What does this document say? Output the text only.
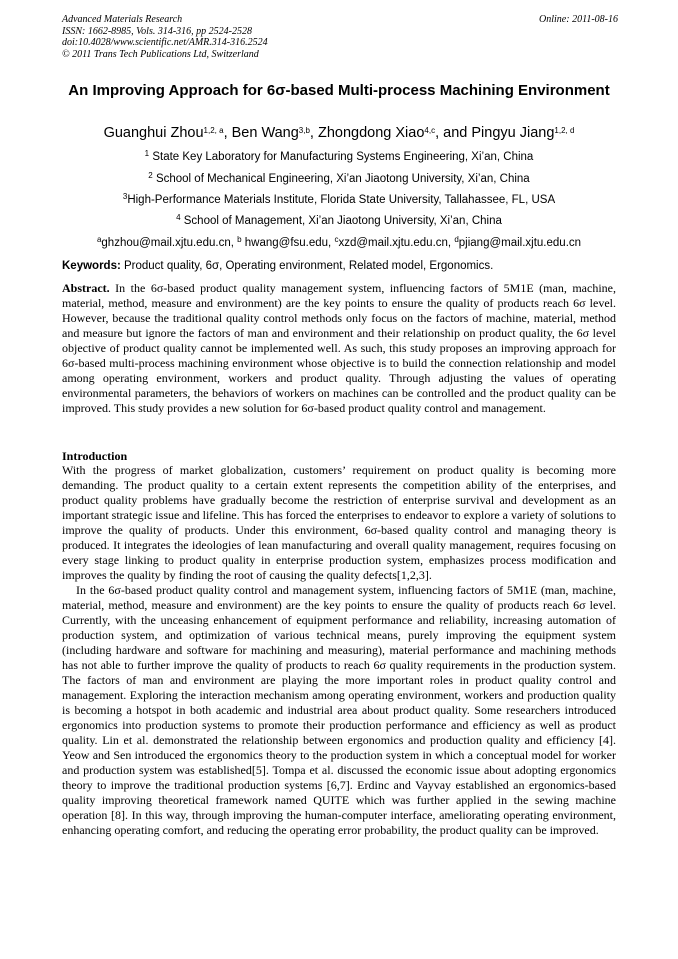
Advanced Materials Research
ISSN: 1662-8985, Vols. 314-316, pp 2524-2528
doi:10.4028/www.scientific.net/AMR.314-316.2524
© 2011 Trans Tech Publications Ltd, Switzerland
Online: 2011-08-16
An Improving Approach for 6σ-based Multi-process Machining Environment
Guanghui Zhou$^{1,2, a}$, Ben Wang$^{3,b}$, Zhongdong Xiao$^{4,c}$, and Pingyu Jiang$^{1,2, d}$
$^1$ State Key Laboratory for Manufacturing Systems Engineering, Xi’an, China
$^2$ School of Mechanical Engineering, Xi’an Jiaotong University, Xi’an, China
$^3$High-Performance Materials Institute, Florida State University, Tallahassee, FL, USA
$^4$ School of Management, Xi’an Jiaotong University, Xi’an, China
$^a$ghzhou@mail.xjtu.edu.cn, $^b$ hwang@fsu.edu, $^c$xzd@mail.xjtu.edu.cn, $^d$pjiang@mail.xjtu.edu.cn
Keywords: Product quality, 6σ, Operating environment, Related model, Ergonomics.

Abstract. In the 6σ-based product quality management system, influencing factors of 5M1E (man, machine, material, method, measure and environment) are the key points to ensure the quality of products reach 6σ level. However, because the traditional quality control methods only focus on the factors of machine, material, method and measure but ignore the factors of man and environment and their relationship on product quality, the 6σ level objective of product quality cannot be implemented well. As such, this study proposes an improving approach for 6σ-based multi-process machining environment whose objective is to build the connection relationship and model among operating environment, workers and product quality. Through adjusting the values of operating environmental parameters, the behaviors of workers on machines can be controlled and the product quality can be improved. This study provides a new solution for 6σ-based product quality control and management.

Introduction

With the progress of market globalization, customers’ requirement on product quality is becoming more demanding. The product quality to a certain extent represents the competition ability of the enterprises, and product quality problems have gradually become the restriction of enterprise survival and development as an important strategic issue and lifeline. This has forced the enterprises to endeavor to explore a variety of solutions to improve the quality of products. Under this environment, 6σ-based quality control and managing theory is produced. It integrates the ideologies of lean manufacturing and overall quality management, requires focusing on every stage linking to product quality in enterprise production system, emphasizes process modification and improves the quality by finding the root of causing the quality defects[1,2,3].

In the 6σ-based product quality control and management system, influencing factors of 5M1E (man, machine, material, method, measure and environment) are the key points to ensure the quality of products reach 6σ level. Currently, with the unceasing enhancement of equipment performance and reliability, increasing automation of production system, and optimization of various technical means, purely improving the equipment system (including hardware and software for machining and measuring), material performance and machining methods has not able to further improve the quality of products to reach 6σ quality requirements in the production system. The factors of man and environment are playing the more important roles in product quality control and management. Exploring the interaction mechanism among operating environment, workers and production quality is becoming a hotspot in both academic and industrial area about product quality. Some researchers introduced ergonomics into production systems to promote their production performance and efficiency as well as product quality. Lin et al. demonstrated the relationship between ergonomics and production quality and efficiency [4]. Yeow and Sen introduced the ergonomics theory to the production system in which a conceptual model for worker and production system was established[5]. Tompa et al. discussed the economic issue about adopting ergonomics theory to improve the traditional production systems [6,7]. Erdinc and Vayvay established an ergonomics-based quality improving theoretical framework named QUITE which was further applied in the sewing machine operation [8]. In this way, through improving the human-computer interface, ameliorating operating environment, enhancing operating comfort, and reducing the operating error probability, the product quality can be improved.
